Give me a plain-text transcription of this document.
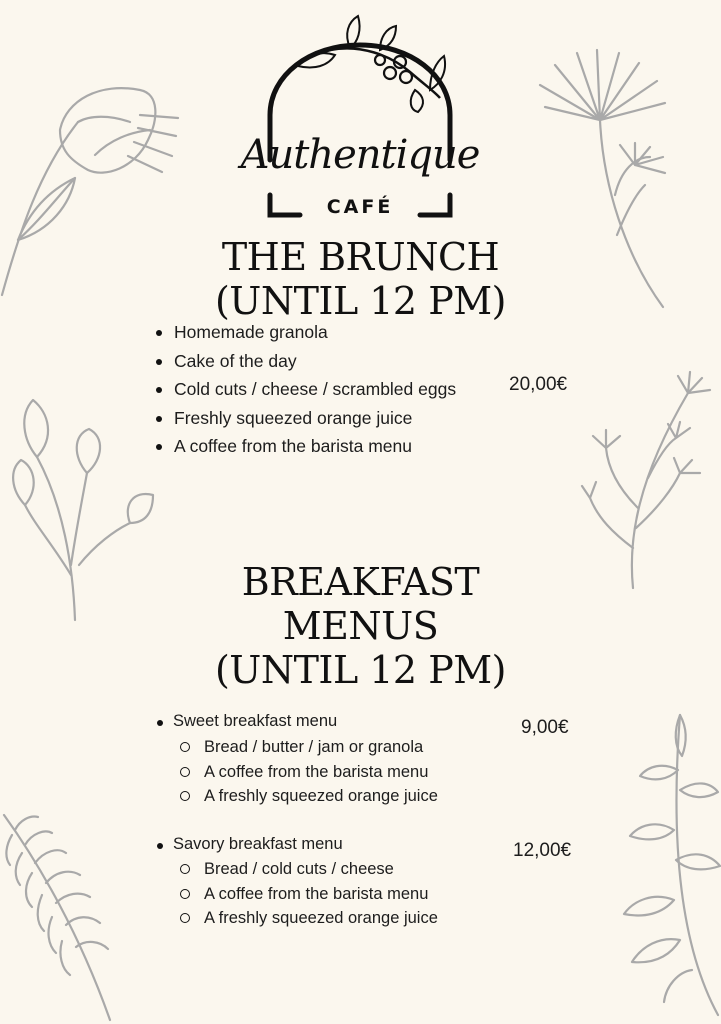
Authentique
CAFÉ
THE BRUNCH
(UNTIL 12 PM)
Homemade granola
Cake of the day
Cold cuts / cheese / scrambled eggs
Freshly squeezed orange juice
A coffee from the barista menu
20,00€
BREAKFAST
MENUS
(UNTIL 12 PM)
Sweet breakfast menu	9,00€
Bread / butter / jam or granola
A coffee from the barista menu
A freshly squeezed orange juice
Savory breakfast menu	12,00€
Bread / cold cuts / cheese
A coffee from the barista menu
A freshly squeezed orange juice
